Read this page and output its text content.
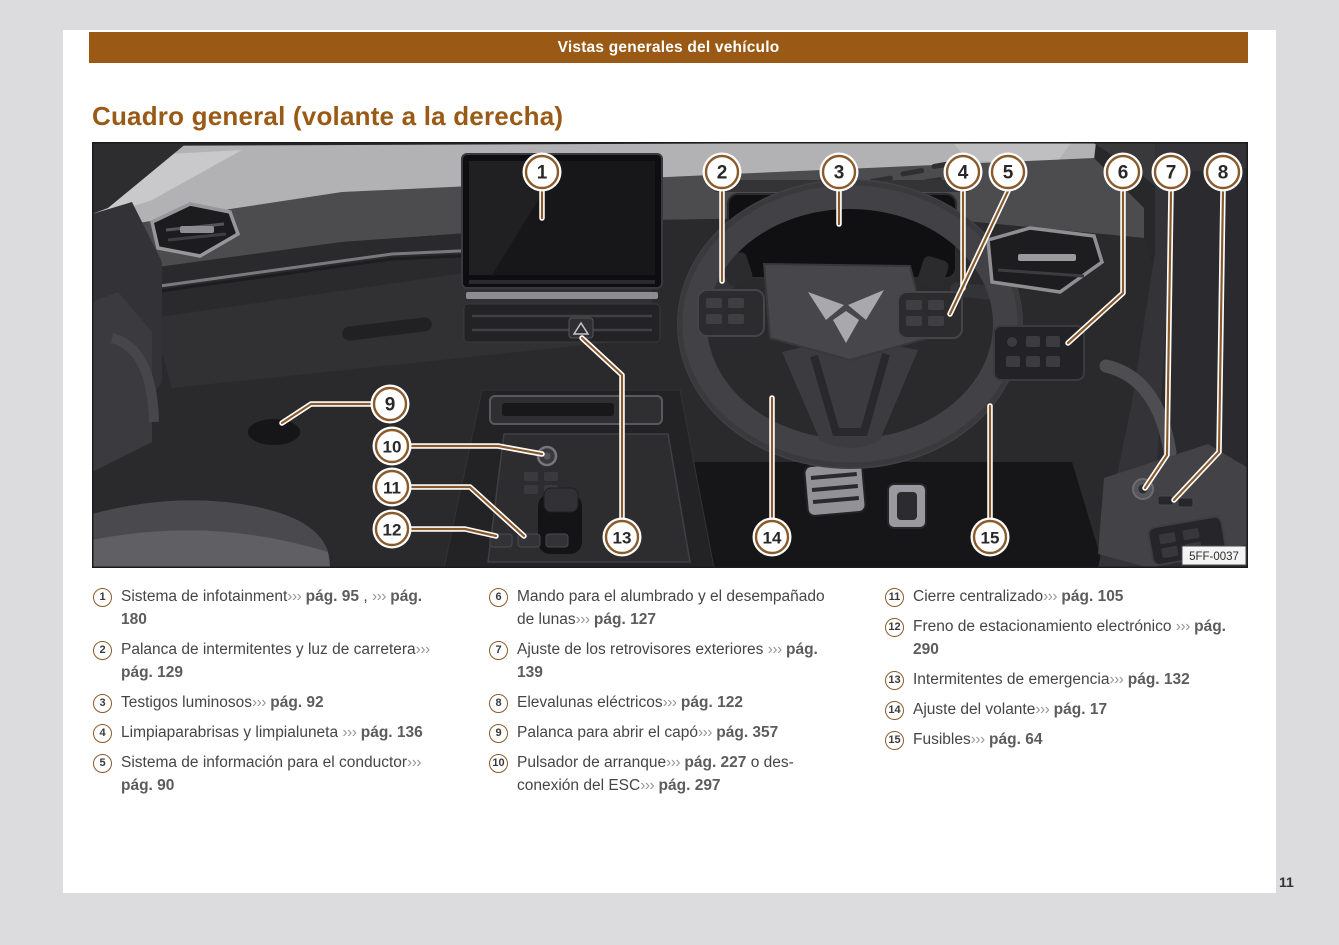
Vistas generales del vehículo
Cuadro general (volante a la derecha)
5FF-0037
1	2	3	4 5	6 7 8
9
10
11
12	13	14	15
1 Sistema de infotainment››› pág. 95 , ››› pág. 180
2 Palanca de intermitentes y luz de carretera››› pág. 129
3 Testigos luminosos››› pág. 92
4 Limpiaparabrisas y limpialuneta ››› pág. 136
5 Sistema de información para el conductor››› pág. 90
6 Mando para el alumbrado y el desempañado de lunas››› pág. 127
7 Ajuste de los retrovisores exteriores ››› pág. 139
8 Elevalunas eléctricos››› pág. 122
9 Palanca para abrir el capó››› pág. 357
10 Pulsador de arranque››› pág. 227 o desconexión del ESC››› pág. 297
11 Cierre centralizado››› pág. 105
12 Freno de estacionamiento electrónico ››› pág. 290
13 Intermitentes de emergencia››› pág. 132
14 Ajuste del volante››› pág. 17
15 Fusibles››› pág. 64
11
